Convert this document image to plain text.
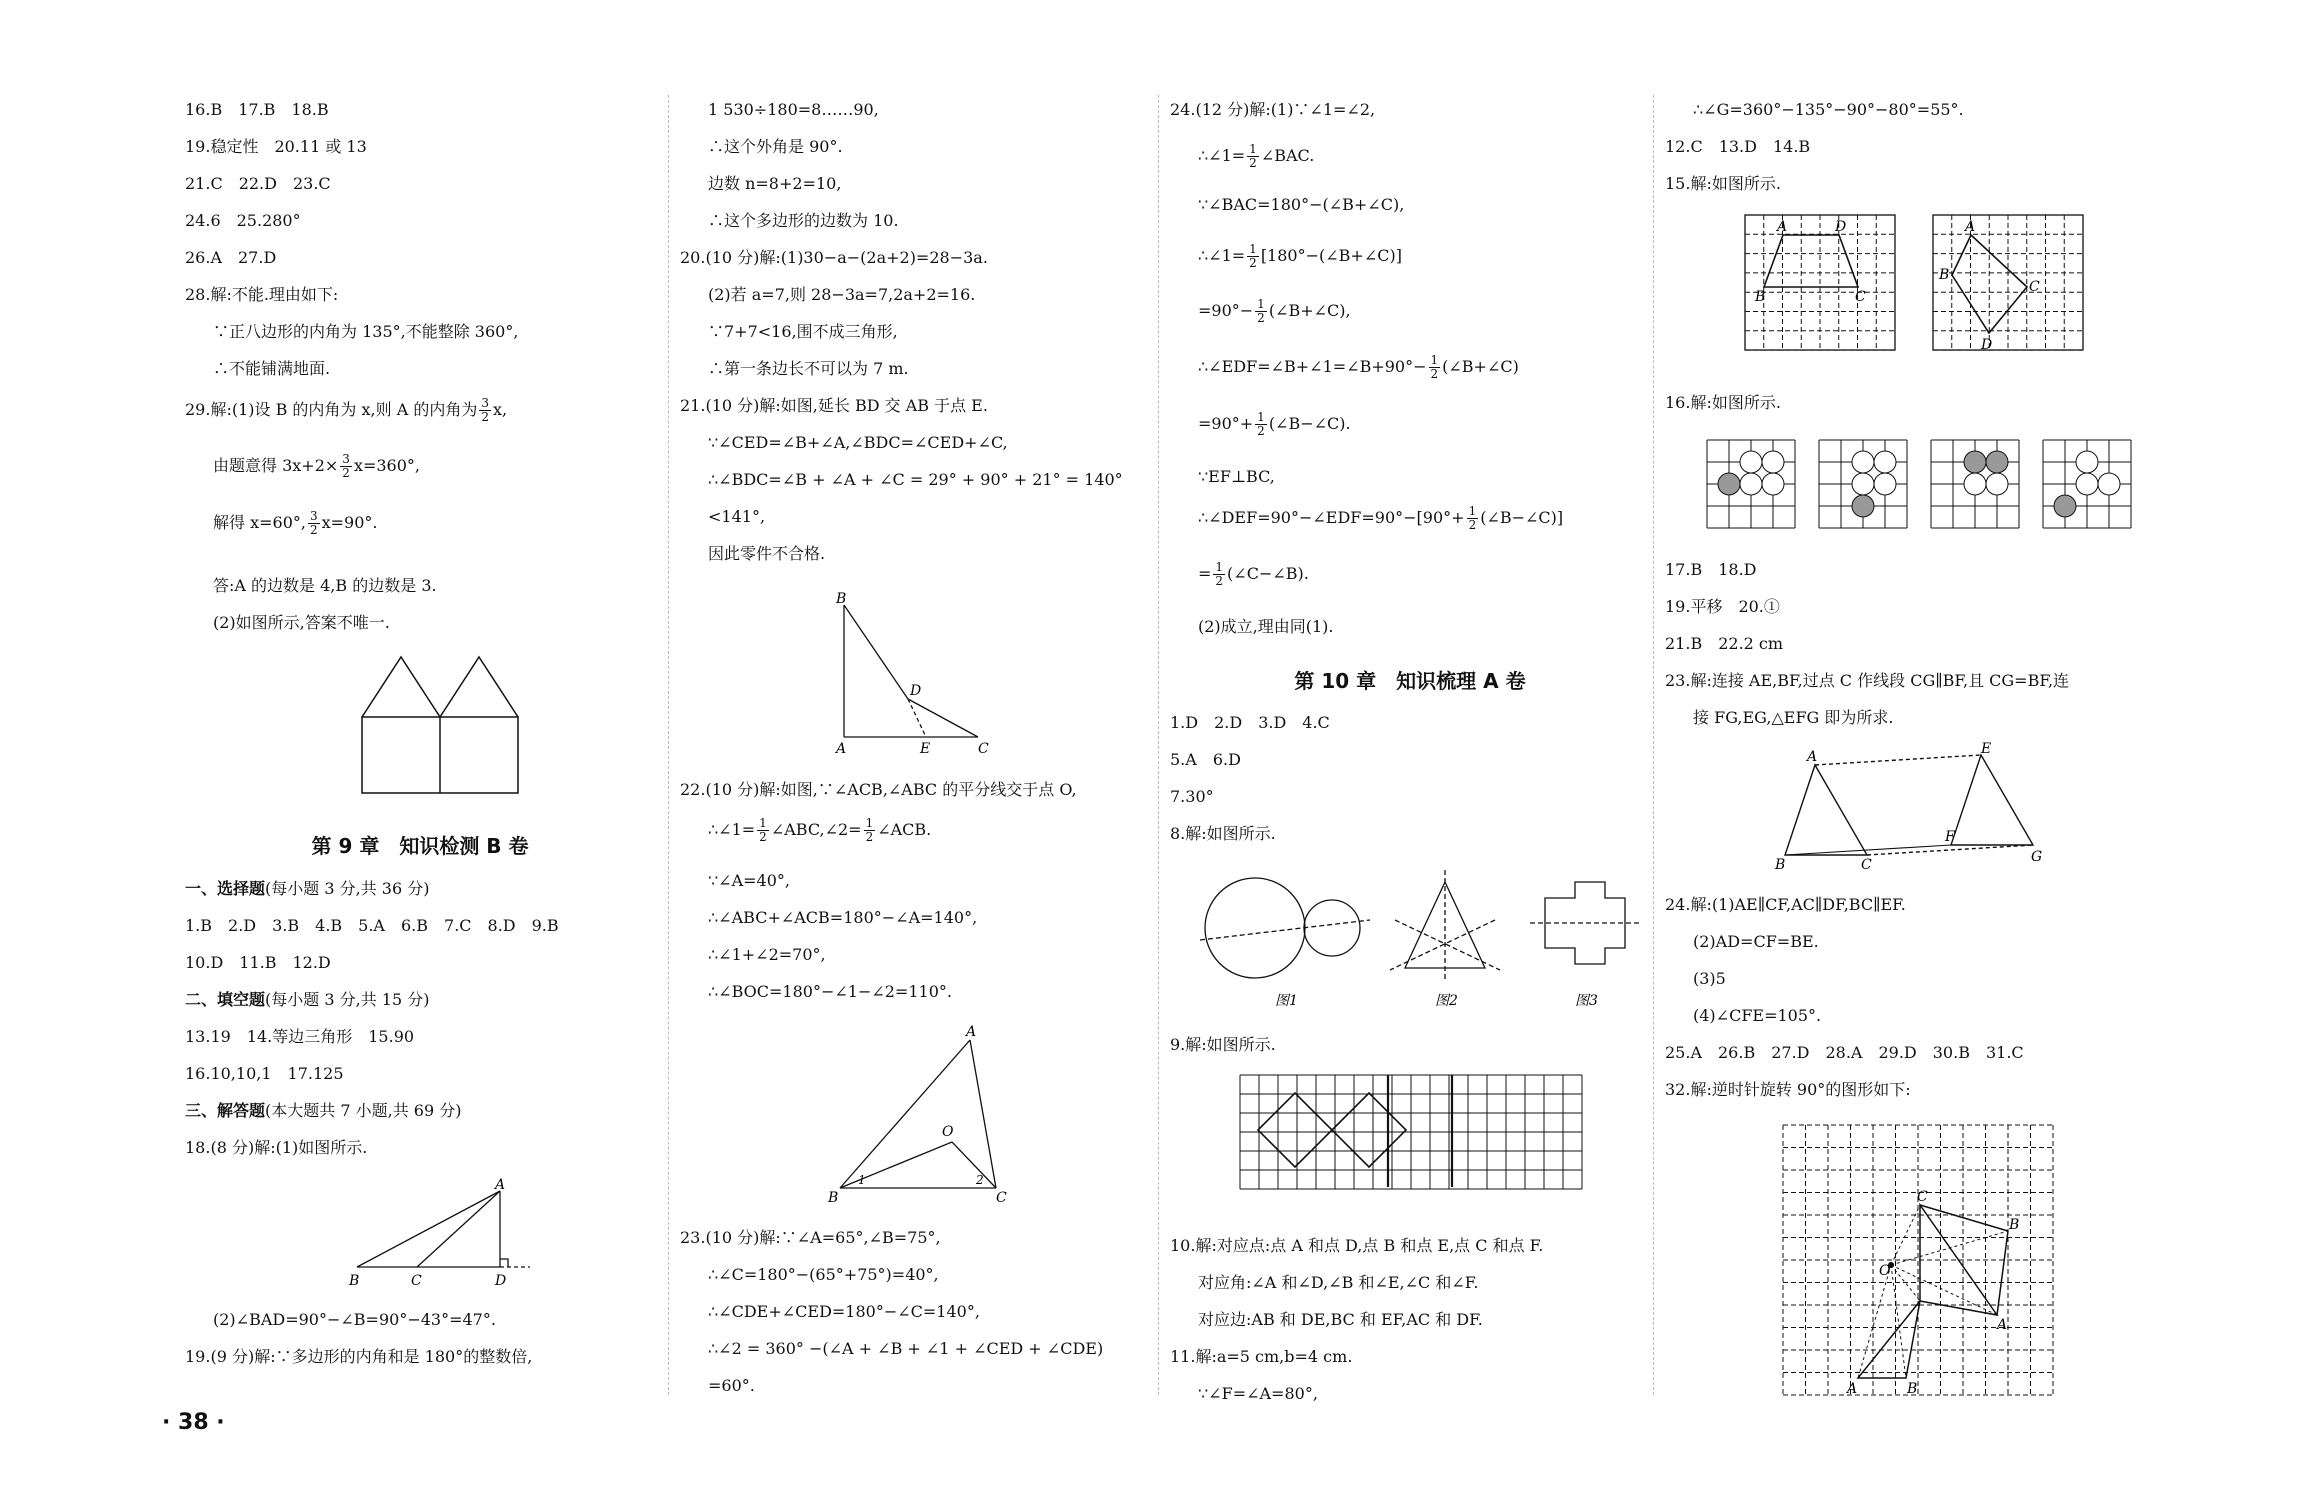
16.B　17.B　18.B
19.稳定性　20.11 或 13
21.C　22.D　23.C
24.6　25.280°
26.A　27.D
28.解:不能.理由如下:
∵正八边形的内角为 135°,不能整除 360°,
∴不能铺满地面.
29.解:(1)设 B 的内角为 x,则 A 的内角为 $\frac{3}{2} x$,
由题意得 $3x+2\times \frac{3}{2} x=360^\circ$,
解得 x=60°, $\frac{3}{2} x=90^\circ$.
答:A 的边数是 4,B 的边数是 3.
(2)如图所示,答案不唯一.
第 9 章　知识检测 B 卷
一、选择题(每小题 3 分,共 36 分)
1.B　2.D　3.B　4.B　5.A　6.B　7.C　8.D　9.B
10.D　11.B　12.D
二、填空题(每小题 3 分,共 15 分)
13.19　14.等边三角形　15.90
16.10,10,1　17.125
三、解答题(本大题共 7 小题,共 69 分)
18.(8 分)解:(1)如图所示.
B	C	D
A
(2)∠BAD=90°−∠B=90°−43°=47°.
19.(9 分)解:∵多边形的内角和是 180°的整数倍,
1 530÷180=8……90,
∴这个外角是 90°.
边数 n=8+2=10,
∴这个多边形的边数为 10.
20.(10 分)解:(1)30−a−(2a+2)=28−3a.
(2)若 a=7,则 28−3a=7,2a+2=16.
∵7+7<16,围不成三角形,
∴第一条边长不可以为 7 m.
21.(10 分)解:如图,延长 BD 交 AB 于点 E.
∵∠CED=∠B+∠A,∠BDC=∠CED+∠C,
∴∠BDC=∠B + ∠A + ∠C = 29° + 90° + 21° = 140°
<141°,
因此零件不合格.
B
A	E	C
D
22.(10 分)解:如图,∵∠ACB,∠ABC 的平分线交于点 O,
∴∠1= $\frac{1}{2}$ ∠ABC,∠2= $\frac{1}{2}$ ∠ACB.
∵∠A=40°,
∴∠ABC+∠ACB=180°−∠A=140°,
∴∠1+∠2=70°,
∴∠BOC=180°−∠1−∠2=110°.
A
B	C
O
1	2
23.(10 分)解:∵∠A=65°,∠B=75°,
∴∠C=180°−(65°+75°)=40°,
∴∠CDE+∠CED=180°−∠C=140°,
∴∠2 = 360° −(∠A + ∠B + ∠1 + ∠CED + ∠CDE)
=60°.
24.(12 分)解:(1)∵∠1=∠2,
∴∠1= $\frac{1}{2}$ ∠BAC.
∵∠BAC=180°−(∠B+∠C),
∴∠1= $\frac{1}{2}$ [180°−(∠B+∠C)]
$=90^\circ- \frac{1}{2}$ (∠B+∠C),
∴∠EDF=∠B+∠1=∠B+90°− $\frac{1}{2}$ (∠B+∠C)
$=90^\circ+ \frac{1}{2}$ (∠B−∠C).
∵EF⊥BC,
∴∠DEF=90°−∠EDF=90°−[90°+ $\frac{1}{2}$ (∠B−∠C)]
= $\frac{1}{2}$ (∠C−∠B).
(2)成立,理由同(1).
第 10 章　知识梳理 A 卷
1.D　2.D　3.D　4.C
5.A　6.D
7.30°
8.解:如图所示.
图1	图2	图3
9.解:如图所示.
10.解:对应点:点 A 和点 D,点 B 和点 E,点 C 和点 F.
对应角:∠A 和∠D,∠B 和∠E,∠C 和∠F.
对应边:AB 和 DE,BC 和 EF,AC 和 DF.
11.解:a=5 cm,b=4 cm.
∵∠F=∠A=80°,
∴∠G=360°−135°−90°−80°=55°.
12.C　13.D　14.B
15.解:如图所示.
A	D
B	C
A
B
C
D
16.解:如图所示.
17.B　18.D
19.平移　20.①
21.B　22.2 cm
23.解:连接 AE,BF,过点 C 作线段 CG∥BF,且 CG=BF,连
接 FG,EG,△EFG 即为所求.
A
B	C
E
F
G
24.解:(1)AE∥CF,AC∥DF,BC∥EF.
(2)AD=CF=BE.
(3)5
(4)∠CFE=105°.
25.A　26.B　27.D　28.A　29.D　30.B　31.C
32.解:逆时针旋转 90°的图形如下:
C
B
A
O
A	B
· 38 ·
